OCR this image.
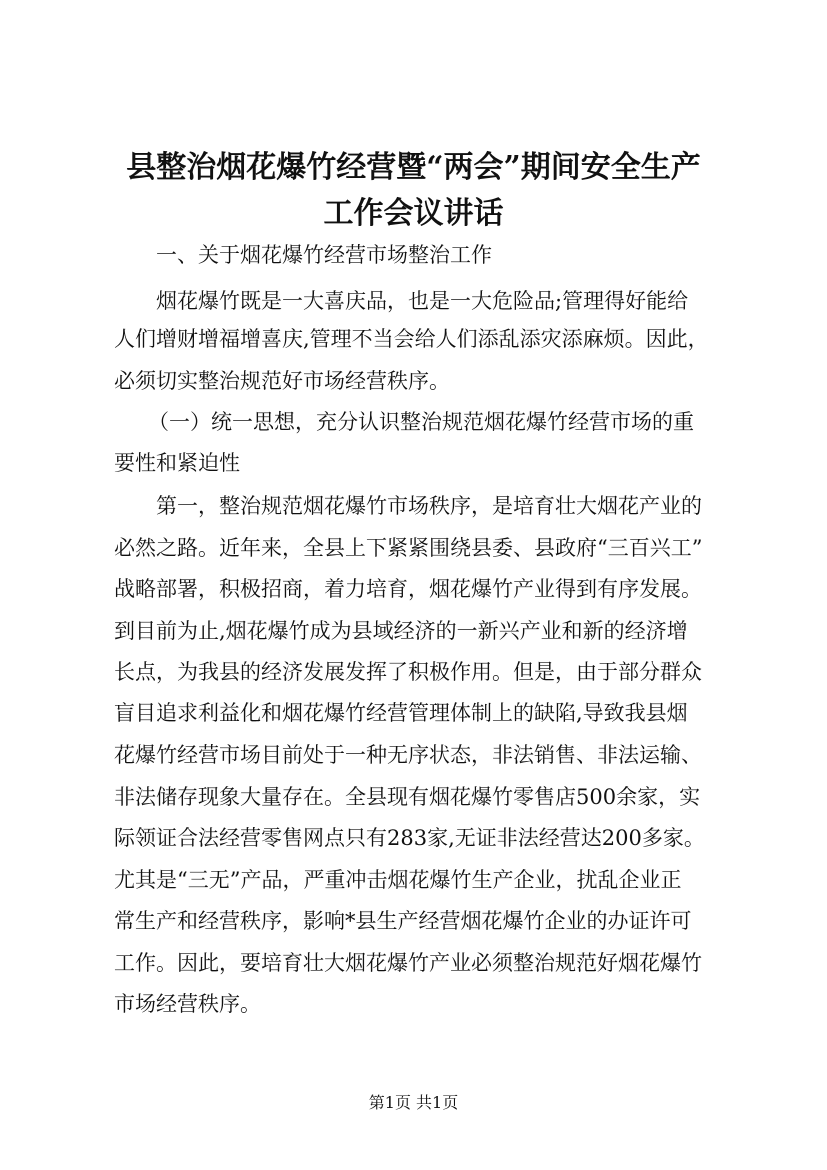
县整治烟花爆竹经营暨“两会”期间安全生产
工作会议讲话
一、关于烟花爆竹经营市场整治工作
烟花爆竹既是一大喜庆品，也是一大危险品;管理得好能给
人们增财增福增喜庆,管理不当会给人们添乱添灾添麻烦。因此，
必须切实整治规范好市场经营秩序。
（一）统一思想，充分认识整治规范烟花爆竹经营市场的重
要性和紧迫性
第一，整治规范烟花爆竹市场秩序，是培育壮大烟花产业的
必然之路。近年来，全县上下紧紧围绕县委、县政府“三百兴工”
战略部署，积极招商，着力培育，烟花爆竹产业得到有序发展。
到目前为止,烟花爆竹成为县域经济的一新兴产业和新的经济增
长点，为我县的经济发展发挥了积极作用。但是，由于部分群众
盲目追求利益化和烟花爆竹经营管理体制上的缺陷,导致我县烟
花爆竹经营市场目前处于一种无序状态，非法销售、非法运输、
非法储存现象大量存在。全县现有烟花爆竹零售店500余家，实
际领证合法经营零售网点只有283家,无证非法经营达200多家。
尤其是“三无”产品，严重冲击烟花爆竹生产企业，扰乱企业正
常生产和经营秩序，影响*县生产经营烟花爆竹企业的办证许可
工作。因此，要培育壮大烟花爆竹产业必须整治规范好烟花爆竹
市场经营秩序。
第1页 共1页
